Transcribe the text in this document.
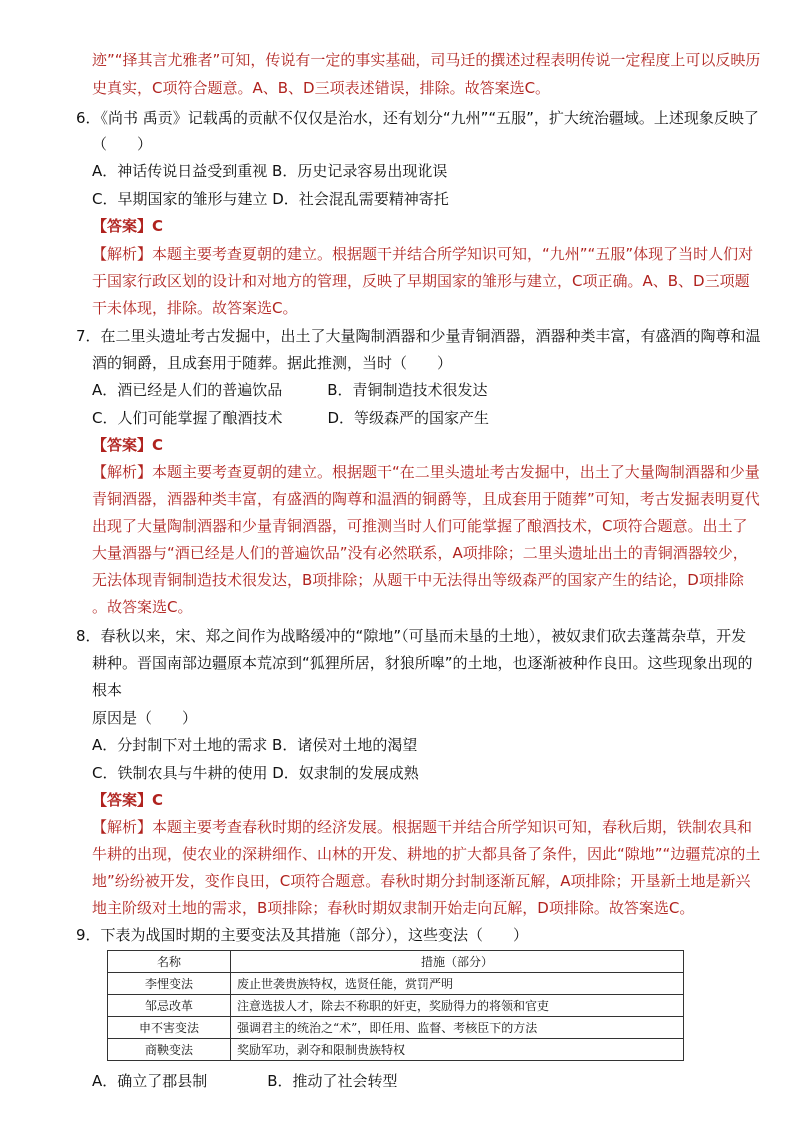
迹”“择其言尤雅者”可知，传说有一定的事实基础，司马迁的撰述过程表明传说一定程度上可以反映历
史真实，C项符合题意。A、B、D三项表述错误，排除。故答案选C。
6．《尚书 禹贡》记载禹的贡献不仅仅是治水，还有划分“九州”“五服”，扩大统治疆域。上述现象反映了
（　　）
A．神话传说日益受到重视 B．历史记录容易出现讹误
C．早期国家的雏形与建立 D．社会混乱需要精神寄托
【答案】C
【解析】本题主要考查夏朝的建立。根据题干并结合所学知识可知，“九州”“五服”体现了当时人们对
于国家行政区划的设计和对地方的管理，反映了早期国家的雏形与建立，C项正确。A、B、D三项题
干未体现，排除。故答案选C。
7．在二里头遗址考古发掘中，出土了大量陶制酒器和少量青铜酒器，酒器种类丰富，有盛酒的陶尊和温
酒的铜爵，且成套用于随葬。据此推测，当时（　　）
A．酒已经是人们的普遍饮品　　　B．青铜制造技术很发达
C．人们可能掌握了酿酒技术　　　D．等级森严的国家产生
【答案】C
【解析】本题主要考查夏朝的建立。根据题干“在二里头遗址考古发掘中，出土了大量陶制酒器和少量
青铜酒器，酒器种类丰富，有盛酒的陶尊和温酒的铜爵等，且成套用于随葬”可知，考古发掘表明夏代
出现了大量陶制酒器和少量青铜酒器，可推测当时人们可能掌握了酿酒技术，C项符合题意。出土了
大量酒器与“酒已经是人们的普遍饮品”没有必然联系，A项排除；二里头遗址出土的青铜酒器较少，
无法体现青铜制造技术很发达，B项排除；从题干中无法得出等级森严的国家产生的结论，D项排除
。故答案选C。
8．春秋以来，宋、郑之间作为战略缓冲的“隙地”（可垦而未垦的土地），被奴隶们砍去蓬蒿杂草，开发
耕种。晋国南部边疆原本荒凉到“狐狸所居，豺狼所嗥”的土地，也逐渐被种作良田。这些现象出现的
根本
原因是（　　）
A．分封制下对土地的需求 B．诸侯对土地的渴望
C．铁制农具与牛耕的使用 D．奴隶制的发展成熟
【答案】C
【解析】本题主要考查春秋时期的经济发展。根据题干并结合所学知识可知，春秋后期，铁制农具和
牛耕的出现，使农业的深耕细作、山林的开发、耕地的扩大都具备了条件，因此“隙地”“边疆荒凉的土
地”纷纷被开发，变作良田，C项符合题意。春秋时期分封制逐渐瓦解，A项排除；开垦新土地是新兴
地主阶级对土地的需求，B项排除；春秋时期奴隶制开始走向瓦解，D项排除。故答案选C。
9．下表为战国时期的主要变法及其措施（部分），这些变法（　　）
名称	措施（部分）
李悝变法	废止世袭贵族特权，选贤任能，赏罚严明
邹忌改革	注意选拔人才，除去不称职的奸吏，奖励得力的将领和官吏
申不害变法	强调君主的统治之“术”，即任用、监督、考核臣下的方法
商鞅变法	奖励军功，剥夺和限制贵族特权
A．确立了郡县制　　　　B．推动了社会转型
